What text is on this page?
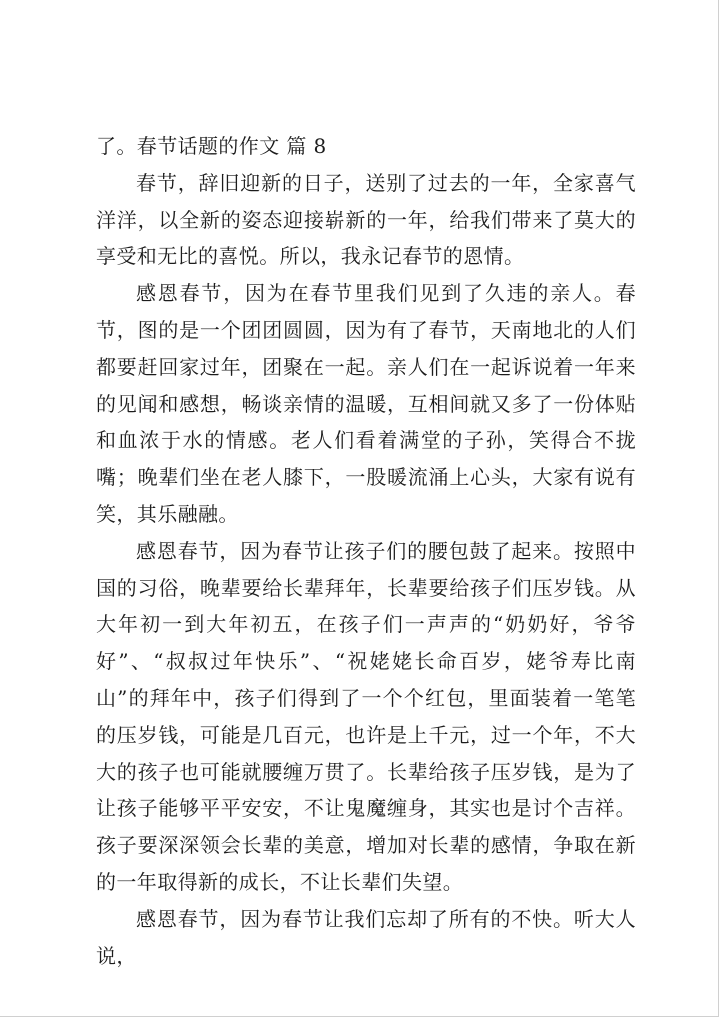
了。春节话题的作文 篇 8

春节，辞旧迎新的日子，送别了过去的一年，全家喜气洋洋，以全新的姿态迎接崭新的一年，给我们带来了莫大的享受和无比的喜悦。所以，我永记春节的恩情。

感恩春节，因为在春节里我们见到了久违的亲人。春节，图的是一个团团圆圆，因为有了春节，天南地北的人们都要赶回家过年，团聚在一起。亲人们在一起诉说着一年来的见闻和感想，畅谈亲情的温暖，互相间就又多了一份体贴和血浓于水的情感。老人们看着满堂的子孙，笑得合不拢嘴；晚辈们坐在老人膝下，一股暖流涌上心头，大家有说有笑，其乐融融。

感恩春节，因为春节让孩子们的腰包鼓了起来。按照中国的习俗，晚辈要给长辈拜年，长辈要给孩子们压岁钱。从大年初一到大年初五，在孩子们一声声的“奶奶好，爷爷好”、“叔叔过年快乐”、“祝姥姥长命百岁，姥爷寿比南山”的拜年中，孩子们得到了一个个红包，里面装着一笔笔的压岁钱，可能是几百元，也许是上千元，过一个年，不大大的孩子也可能就腰缠万贯了。长辈给孩子压岁钱，是为了让孩子能够平平安安，不让鬼魔缠身，其实也是讨个吉祥。孩子要深深领会长辈的美意，增加对长辈的感情，争取在新的一年取得新的成长，不让长辈们失望。

感恩春节，因为春节让我们忘却了所有的不快。听大人说，
